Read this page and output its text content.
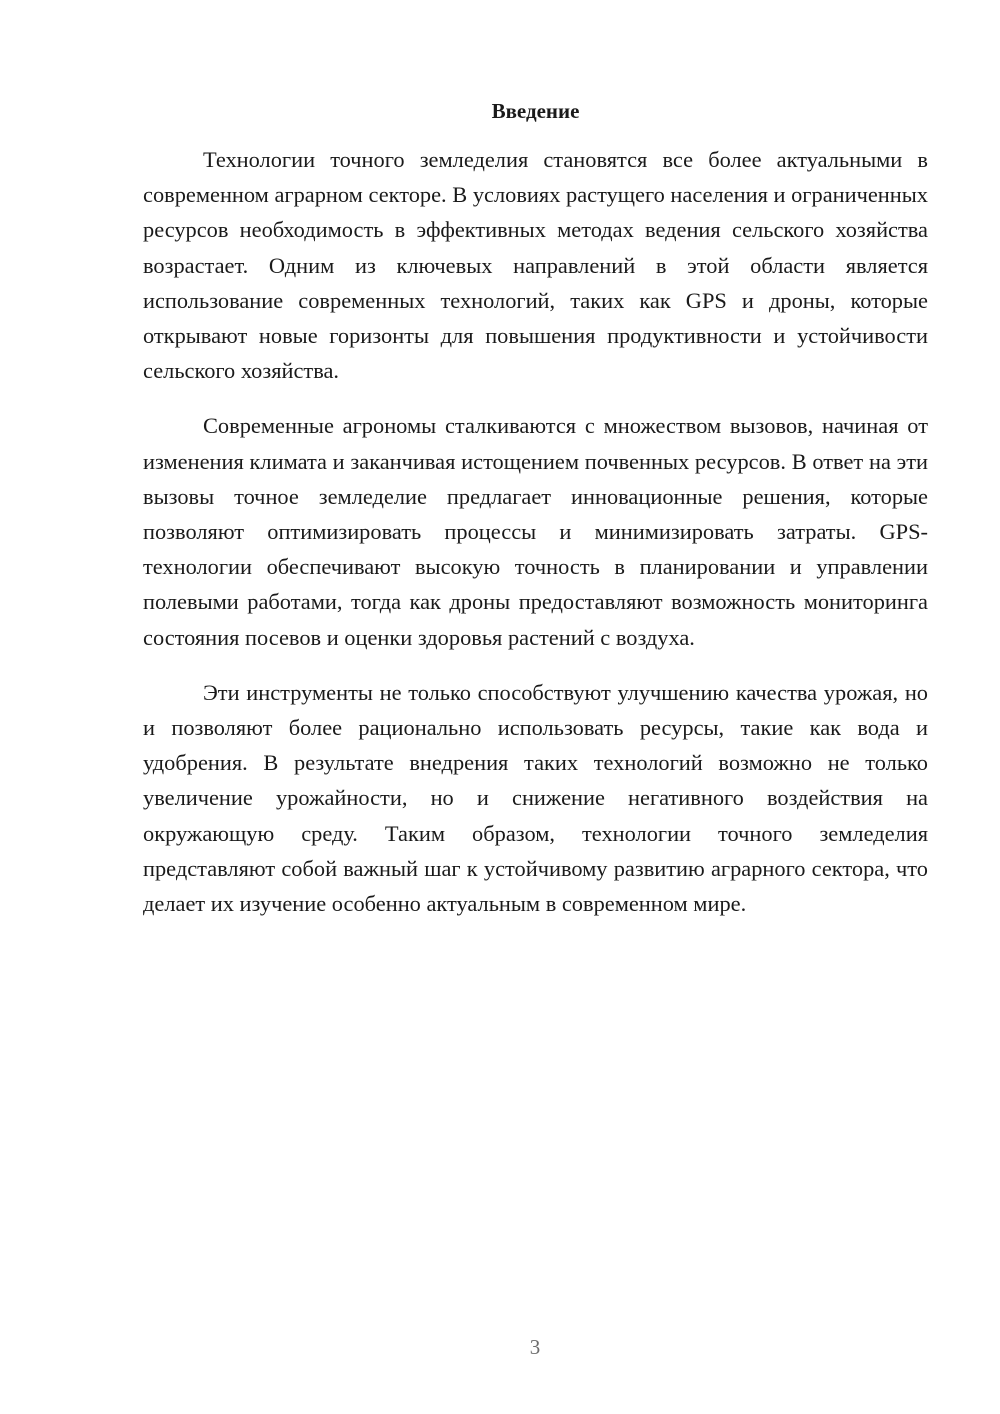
Введение

Технологии точного земледелия становятся все более актуальными в современном аграрном секторе. В условиях растущего населения и ограниченных ресурсов необходимость в эффективных методах ведения сельского хозяйства возрастает. Одним из ключевых направлений в этой области является использование современных технологий, таких как GPS и дроны, которые открывают новые горизонты для повышения продуктивности и устойчивости сельского хозяйства.

Современные агрономы сталкиваются с множеством вызовов, начиная от изменения климата и заканчивая истощением почвенных ресурсов. В ответ на эти вызовы точное земледелие предлагает инновационные решения, которые позволяют оптимизировать процессы и минимизировать затраты. GPS-технологии обеспечивают высокую точность в планировании и управлении полевыми работами, тогда как дроны предоставляют возможность мониторинга состояния посевов и оценки здоровья растений с воздуха.

Эти инструменты не только способствуют улучшению качества урожая, но и позволяют более рационально использовать ресурсы, такие как вода и удобрения. В результате внедрения таких технологий возможно не только увеличение урожайности, но и снижение негативного воздействия на окружающую среду. Таким образом, технологии точного земледелия представляют собой важный шаг к устойчивому развитию аграрного сектора, что делает их изучение особенно актуальным в современном мире.

3
